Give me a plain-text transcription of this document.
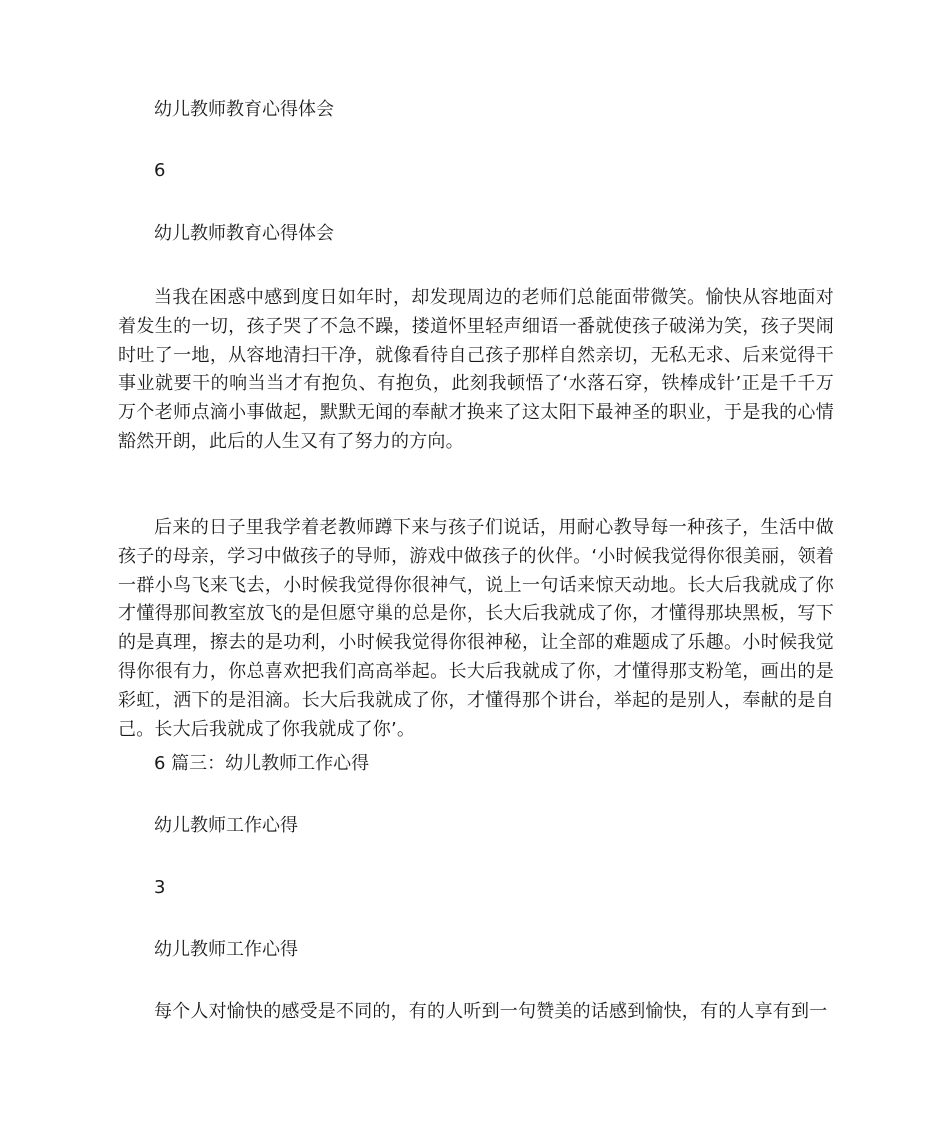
幼儿教师教育心得体会
6
幼儿教师教育心得体会
当我在困惑中感到度日如年时，却发现周边的老师们总能面带微笑。愉快从容地面对着发生的一切，孩子哭了不急不躁，搂道怀里轻声细语一番就使孩子破涕为笑，孩子哭闹时吐了一地，从容地清扫干净，就像看待自己孩子那样自然亲切，无私无求、后来觉得干事业就要干的响当当才有抱负、有抱负，此刻我顿悟了‘水落石穿，铁棒成针’正是千千万万个老师点滴小事做起，默默无闻的奉献才换来了这太阳下最神圣的职业，于是我的心情豁然开朗，此后的人生又有了努力的方向。
后来的日子里我学着老教师蹲下来与孩子们说话，用耐心教导每一种孩子，生活中做孩子的母亲，学习中做孩子的导师，游戏中做孩子的伙伴。‘小时候我觉得你很美丽，领着一群小鸟飞来飞去，小时候我觉得你很神气，说上一句话来惊天动地。长大后我就成了你才懂得那间教室放飞的是但愿守巢的总是你，长大后我就成了你，才懂得那块黑板，写下的是真理，擦去的是功利，小时候我觉得你很神秘，让全部的难题成了乐趣。小时候我觉得你很有力，你总喜欢把我们高高举起。长大后我就成了你，才懂得那支粉笔，画出的是彩虹，洒下的是泪滴。长大后我就成了你，才懂得那个讲台，举起的是别人，奉献的是自己。长大后我就成了你我就成了你’。
6 篇三：幼儿教师工作心得
幼儿教师工作心得
3
幼儿教师工作心得
每个人对愉快的感受是不同的，有的人听到一句赞美的话感到愉快，有的人享有到一
